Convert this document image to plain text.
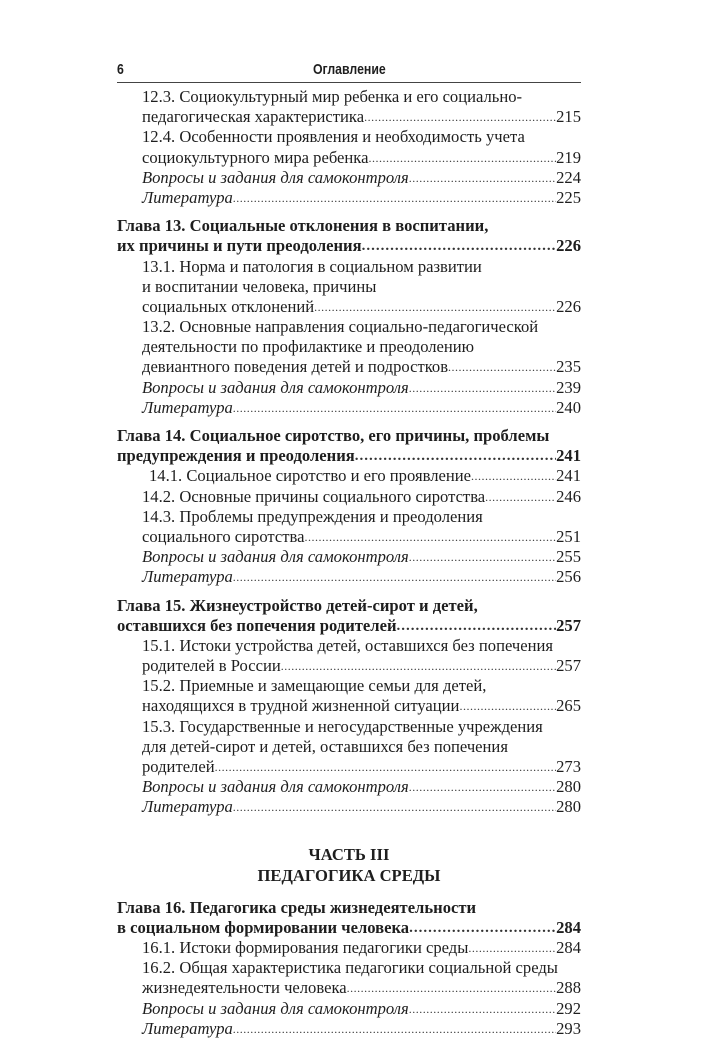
6	Оглавление
12.3. Социокультурный мир ребенка и его социально-
педагогическая характеристика .....	215
12.4. Особенности проявления и необходимость учета
социокультурного мира ребенка .....	219
Вопросы и задания для самоконтроля .....	224
Литература .....	225
Глава 13. Социальные отклонения в воспитании,
их причины и пути преодоления .....	226
13.1. Норма и патология в социальном развитии
и воспитании человека, причины
социальных отклонений .....	226
13.2. Основные направления социально-педагогической
деятельности по профилактике и преодолению
девиантного поведения детей и подростков .....	235
Вопросы и задания для самоконтроля .....	239
Литература .....	240
Глава 14. Социальное сиротство, его причины, проблемы
предупреждения и преодоления .....	241
14.1. Социальное сиротство и его проявление .....	241
14.2. Основные причины социального сиротства .....	246
14.3. Проблемы предупреждения и преодоления
социального сиротства .....	251
Вопросы и задания для самоконтроля .....	255
Литература .....	256
Глава 15. Жизнеустройство детей-сирот и детей,
оставшихся без попечения родителей .....	257
15.1. Истоки устройства детей, оставшихся без попечения
родителей в России .....	257
15.2. Приемные и замещающие семьи для детей,
находящихся в трудной жизненной ситуации .....	265
15.3. Государственные и негосударственные учреждения
для детей-сирот и детей, оставшихся без попечения
родителей .....	273
Вопросы и задания для самоконтроля .....	280
Литература .....	280
ЧАСТЬ III
ПЕДАГОГИКА СРЕДЫ
Глава 16. Педагогика среды жизнедеятельности
в социальном формировании человека .....	284
16.1. Истоки формирования педагогики среды .....	284
16.2. Общая характеристика педагогики социальной среды
жизнедеятельности человека .....	288
Вопросы и задания для самоконтроля .....	292
Литература .....	293
